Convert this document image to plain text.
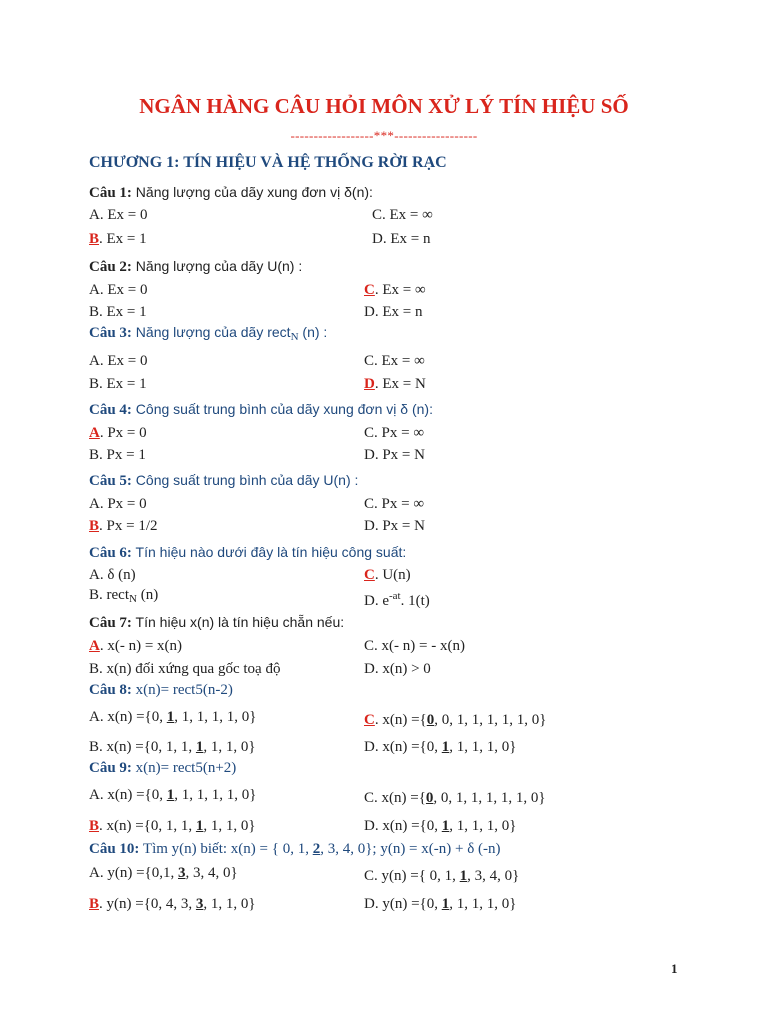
NGÂN HÀNG CÂU HỎI MÔN XỬ LÝ TÍN HIỆU SỐ
------------------***------------------
CHƯƠNG 1: TÍN HIỆU VÀ HỆ THỐNG RỜI RẠC
Câu 1: Năng lượng của dãy xung đơn vị δ(n):
A. Ex = 0	C. Ex = ∞
B. Ex = 1	D. Ex = n
Câu 2: Năng lượng của dãy U(n) :
A. Ex = 0	C. Ex = ∞
B. Ex = 1	D. Ex = n
Câu 3: Năng lượng của dãy rect$_N$ (n) :
A. Ex = 0	C. Ex = ∞
B. Ex = 1	D. Ex = N
Câu 4: Công suất trung bình của dãy xung đơn vị δ (n):
A. Px = 0	C. Px = ∞
B. Px = 1	D. Px = N
Câu 5: Công suất trung bình của dãy U(n) :
A. Px = 0	C. Px = ∞
B. Px = 1/2	D. Px = N
Câu 6: Tín hiệu nào dưới đây là tín hiệu công suất:
A. δ (n)	C. U(n)
B. rect$_N$ (n)	D. $e^{-at}$. 1(t)
Câu 7: Tín hiệu x(n) là tín hiệu chẵn nếu:
A. x(- n) = x(n)	C. x(- n) = - x(n)
B. x(n) đối xứng qua gốc toạ độ	D. x(n) > 0
Câu 8: x(n)= rect5(n-2)
A. x(n) ={0, 1, 1, 1, 1, 1, 0}	C. x(n) ={0, 0, 1, 1, 1, 1, 1, 0}
B. x(n) ={0, 1, 1, 1, 1, 1, 0}	D. x(n) ={0, 1, 1, 1, 1, 0}
Câu 9: x(n)= rect5(n+2)
A. x(n) ={0, 1, 1, 1, 1, 1, 0}	C. x(n) ={0, 0, 1, 1, 1, 1, 1, 0}
B. x(n) ={0, 1, 1, 1, 1, 1, 0}	D. x(n) ={0, 1, 1, 1, 1, 0}
Câu 10: Tìm y(n) biết: x(n) = { 0, 1, 2, 3, 4, 0}; y(n) = x(-n) + δ (-n)
A. y(n) ={0,1, 3, 3, 4, 0}	C. y(n) ={ 0, 1, 1, 3, 4, 0}
B. y(n) ={0, 4, 3, 3, 1, 1, 0}	D. y(n) ={0, 1, 1, 1, 1, 0}
1
